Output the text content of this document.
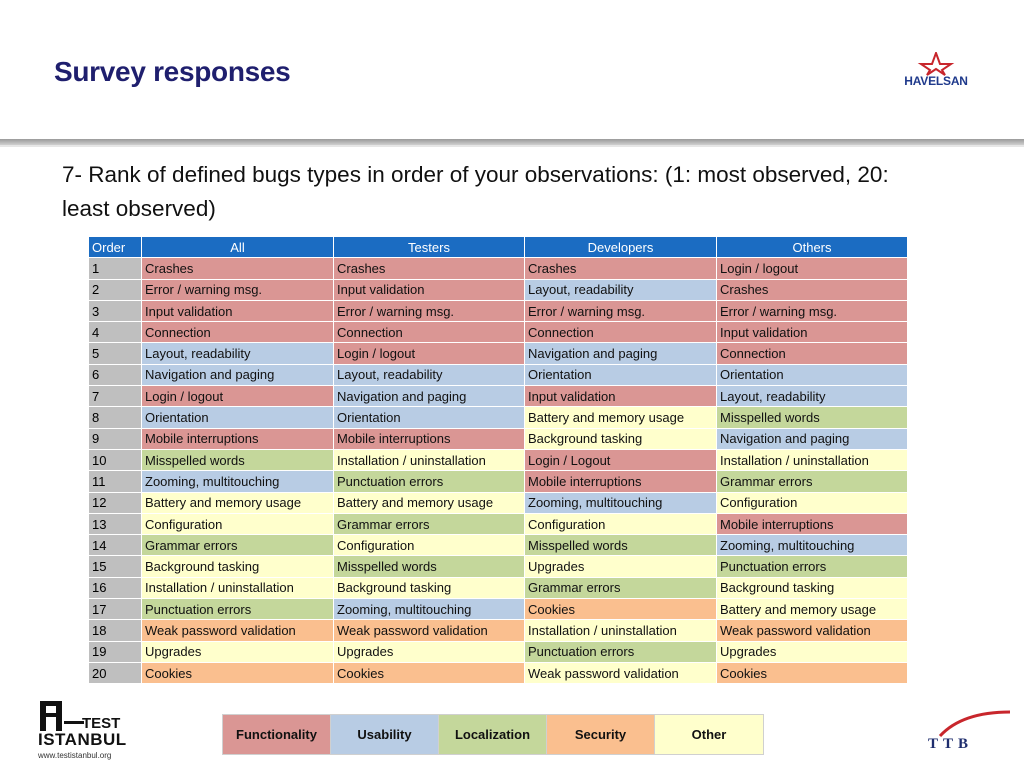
Survey responses	HAVELSAN
7- Rank of defined bugs types in order of your observations: (1: most observed, 20: least observed)
Order	All	Testers	Developers	Others
1	Crashes	Crashes	Crashes	Login / logout
2	Error / warning msg.	Input validation	Layout, readability	Crashes
3	Input validation	Error / warning msg.	Error / warning msg.	Error / warning msg.
4	Connection	Connection	Connection	Input validation
5	Layout, readability	Login / logout	Navigation and paging	Connection
6	Navigation and paging	Layout, readability	Orientation	Orientation
7	Login / logout	Navigation and paging	Input validation	Layout, readability
8	Orientation	Orientation	Battery and memory usage	Misspelled words
9	Mobile interruptions	Mobile interruptions	Background tasking	Navigation and paging
10	Misspelled words	Installation / uninstallation	Login / Logout	Installation / uninstallation
11	Zooming, multitouching	Punctuation errors	Mobile interruptions	Grammar errors
12	Battery and memory usage	Battery and memory usage	Zooming, multitouching	Configuration
13	Configuration	Grammar errors	Configuration	Mobile interruptions
14	Grammar errors	Configuration	Misspelled words	Zooming, multitouching
15	Background tasking	Misspelled words	Upgrades	Punctuation errors
16	Installation / uninstallation	Background tasking	Grammar errors	Background tasking
17	Punctuation errors	Zooming, multitouching	Cookies	Battery and memory usage
18	Weak password validation	Weak password validation	Installation / uninstallation	Weak password validation
19	Upgrades	Upgrades	Punctuation errors	Upgrades
20	Cookies	Cookies	Weak password validation	Cookies
Functionality	Usability	Localization	Security	Other
TEST
ISTANBUL
www.testistanbul.org
TTB
